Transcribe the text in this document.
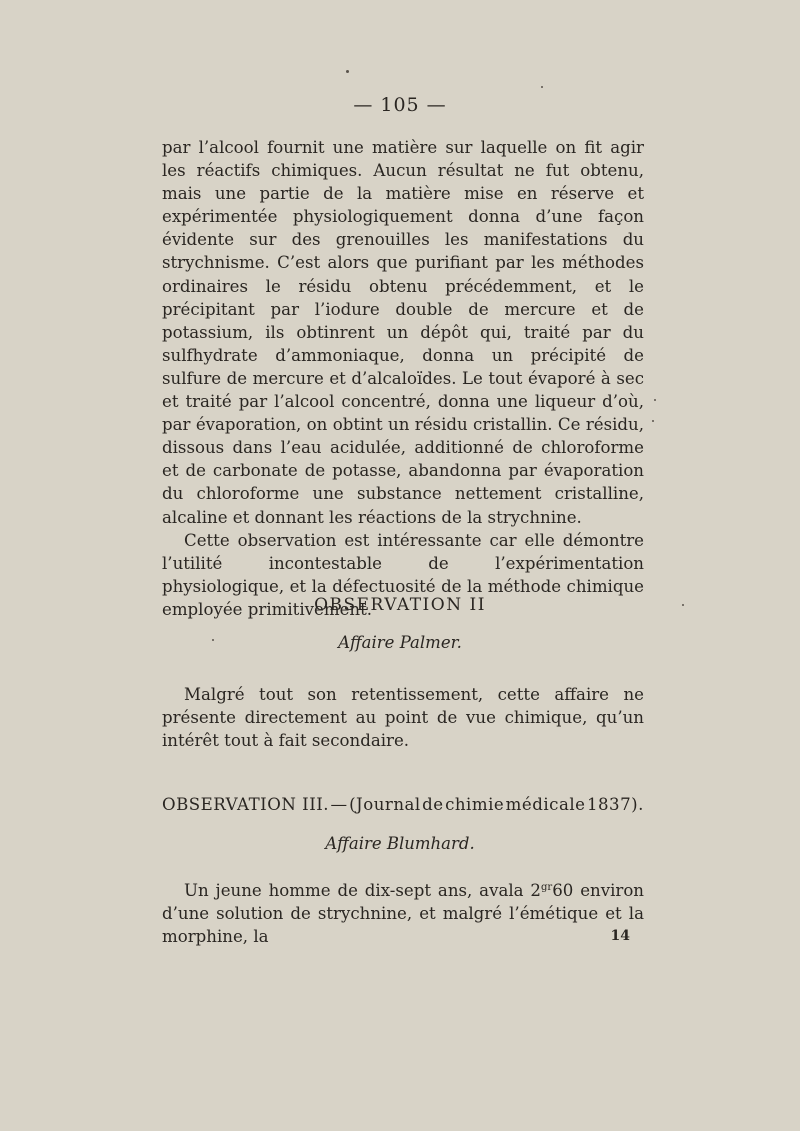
— 105 —

par l’alcool fournit une matière sur laquelle on fit agir les réactifs chimiques. Aucun résultat ne fut obtenu, mais une partie de la matière mise en réserve et expérimentée physiologiquement donna d’une façon évidente sur des grenouilles les manifestations du strychnisme. C’est alors que purifiant par les méthodes ordinaires le résidu obtenu précédemment, et le précipitant par l’iodure double de mercure et de potassium, ils obtinrent un dépôt qui, traité par du sulfhydrate d’ammoniaque, donna un précipité de sulfure de mercure et d’alcaloïdes. Le tout évaporé à sec et traité par l’alcool concentré, donna une liqueur d’où, par évaporation, on obtint un résidu cristallin. Ce résidu, dissous dans l’eau acidulée, additionné de chloroforme et de carbonate de potasse, abandonna par évaporation du chloroforme une substance nettement cristalline, alcaline et donnant les réactions de la strychnine.

Cette observation est intéressante car elle démontre l’utilité incontestable de l’expérimentation physiologique, et la défectuosité de la méthode chimique employée primitivement.

OBSERVATION II
Affaire Palmer.

Malgré tout son retentissement, cette affaire ne présente directement au point de vue chimique, qu’un intérêt tout à fait secondaire.

OBSERVATION III. — (Journal de chimie médicale 1837).
Affaire Blumhard.

Un jeune homme de dix-sept ans, avala $2^{gr}60$ environ d’une solution de strychnine, et malgré l’émétique et la morphine, la	14
